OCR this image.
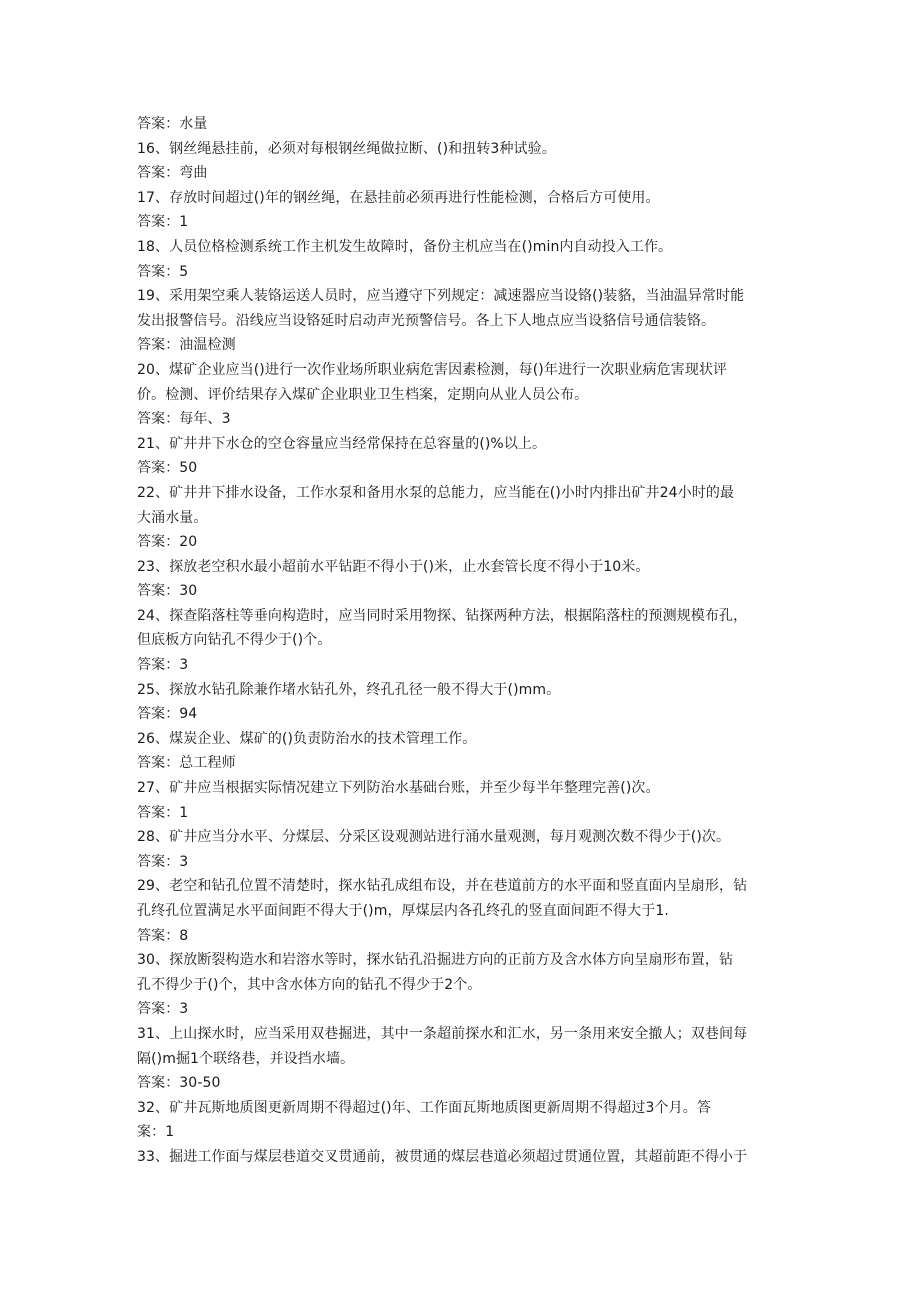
答案：水量
16、钢丝绳悬挂前，必须对每根钢丝绳做拉断、()和扭转3种试验。
答案：弯曲
17、存放时间超过()年的钢丝绳，在悬挂前必须再进行性能检测，合格后方可使用。
答案：1
18、人员位格检测系统工作主机发生故障时，备份主机应当在()min内自动投入工作。
答案：5
19、采用架空乘人装铬运送人员时，应当遵守下列规定：减速器应当设铬()装貉，当油温异常时能
发出报警信号。沿线应当设铬延时启动声光预警信号。各上下人地点应当设貉信号通信装铬。
答案：油温检测
20、煤矿企业应当()进行一次作业场所职业病危害因素检测，每()年进行一次职业病危害现状评
价。检测、评价结果存入煤矿企业职业卫生档案，定期向从业人员公布。
答案：每年、3
21、矿井井下水仓的空仓容量应当经常保持在总容量的()%以上。
答案：50
22、矿井井下排水设备，工作水泵和备用水泵的总能力，应当能在()小时内排出矿井24小时的最
大涌水量。
答案：20
23、探放老空积水最小超前水平钻距不得小于()米，止水套管长度不得小于10米。
答案：30
24、探查陷落柱等垂向构造时，应当同时采用物探、钻探两种方法，根据陷落柱的预测规模布孔，
但底板方向钻孔不得少于()个。
答案：3
25、探放水钻孔除兼作堵水钻孔外，终孔孔径一般不得大于()mm。
答案：94
26、煤炭企业、煤矿的()负责防治水的技术管理工作。
答案：总工程师
27、矿井应当根据实际情况建立下列防治水基础台账，并至少每半年整理完善()次。
答案：1
28、矿井应当分水平、分煤层、分采区设观测站进行涌水量观测，每月观测次数不得少于()次。
答案：3
29、老空和钻孔位置不清楚时，探水钻孔成组布设，并在巷道前方的水平面和竖直面内呈扇形，钻
孔终孔位置满足水平面间距不得大于()m，厚煤层内各孔终孔的竖直面间距不得大于1.
答案：8
30、探放断裂构造水和岩溶水等时，探水钻孔沿掘进方向的正前方及含水体方向呈扇形布置，钻
孔不得少于()个，其中含水体方向的钻孔不得少于2个。
答案：3
31、上山探水时，应当采用双巷掘进，其中一条超前探水和汇水，另一条用来安全撤人；双巷间每
隔()m掘1个联络巷，并设挡水墙。
答案：30-50
32、矿井瓦斯地质图更新周期不得超过()年、工作面瓦斯地质图更新周期不得超过3个月。答
案：1
33、掘进工作面与煤层巷道交叉贯通前，被贯通的煤层巷道必须超过贯通位置，其超前距不得小于
